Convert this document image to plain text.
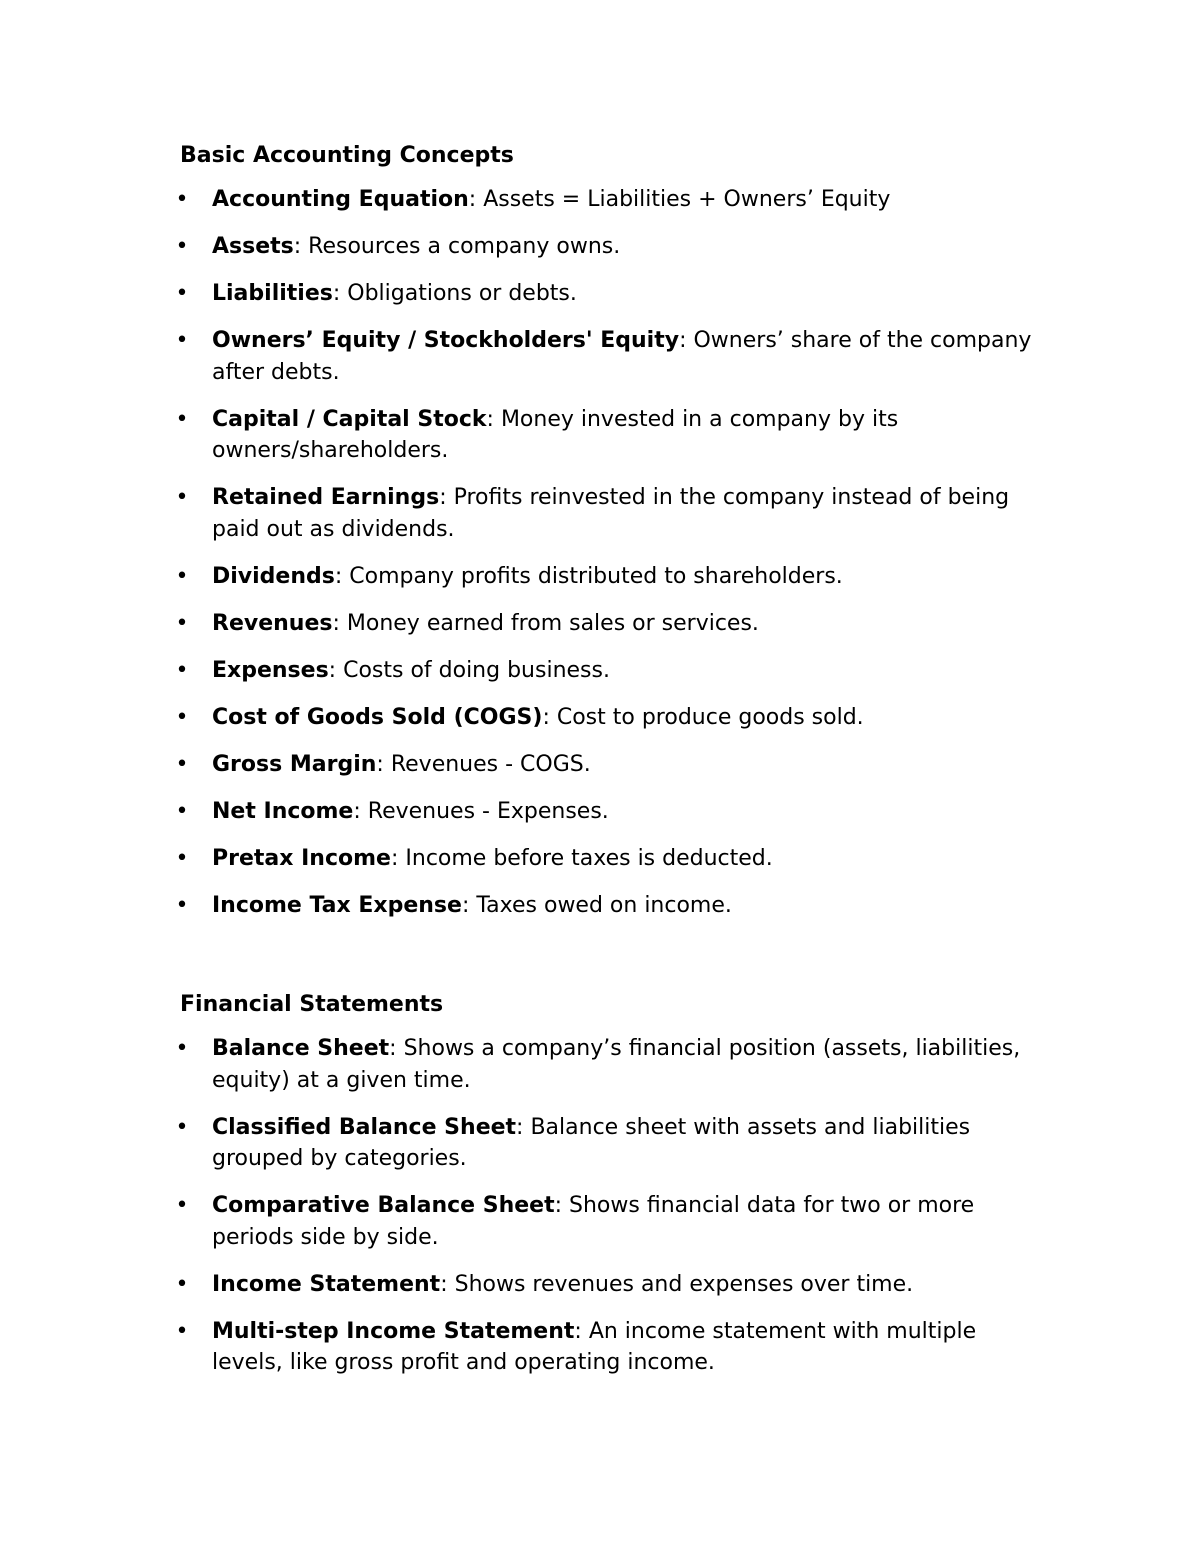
Basic Accounting Concepts
• Accounting Equation: Assets = Liabilities + Owners’ Equity
• Assets: Resources a company owns.
• Liabilities: Obligations or debts.
• Owners’ Equity / Stockholders' Equity: Owners’ share of the company after debts.
• Capital / Capital Stock: Money invested in a company by its owners/shareholders.
• Retained Earnings: Profits reinvested in the company instead of being paid out as dividends.
• Dividends: Company profits distributed to shareholders.
• Revenues: Money earned from sales or services.
• Expenses: Costs of doing business.
• Cost of Goods Sold (COGS): Cost to produce goods sold.
• Gross Margin: Revenues - COGS.
• Net Income: Revenues - Expenses.
• Pretax Income: Income before taxes is deducted.
• Income Tax Expense: Taxes owed on income.
Financial Statements
• Balance Sheet: Shows a company’s financial position (assets, liabilities, equity) at a given time.
• Classified Balance Sheet: Balance sheet with assets and liabilities grouped by categories.
• Comparative Balance Sheet: Shows financial data for two or more periods side by side.
• Income Statement: Shows revenues and expenses over time.
• Multi-step Income Statement: An income statement with multiple levels, like gross profit and operating income.
